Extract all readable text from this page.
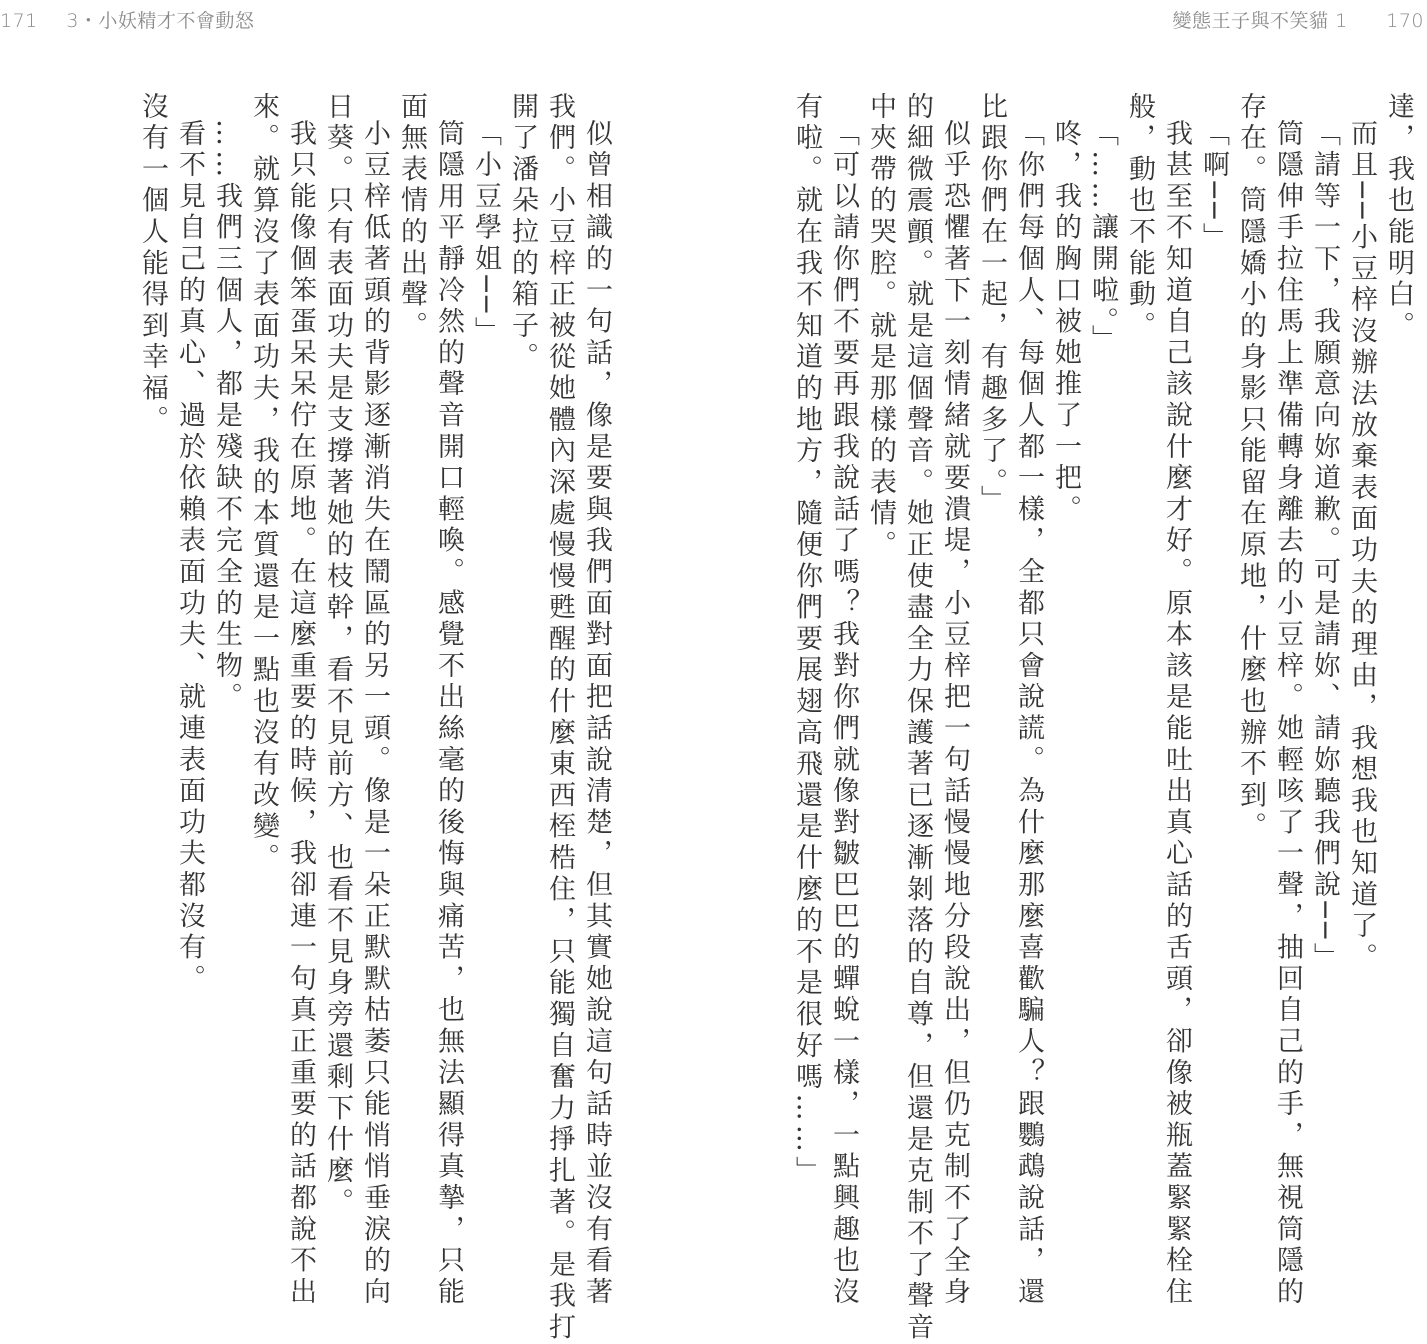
171 3・小妖精才不會動怒

似曾相識的一句話，像是要與我們面對面把話說清楚，但其實她說這句話時並沒有看著

我們。小豆梓正被從她體內深處慢慢甦醒的什麼東西桎梏住，只能獨自奮力掙扎著。是我打

開了潘朵拉的箱子。

「小豆學姐──」

筒隱用平靜冷然的聲音開口輕喚。感覺不出絲毫的後悔與痛苦，也無法顯得真摯，只能

面無表情的出聲。

小豆梓低著頭的背影逐漸消失在鬧區的另一頭。像是一朵正默默枯萎只能悄悄垂淚的向

日葵。只有表面功夫是支撐著她的枝幹，看不見前方、也看不見身旁還剩下什麼。

我只能像個笨蛋呆呆佇在原地。在這麼重要的時候，我卻連一句真正重要的話都說不出

來。就算沒了表面功夫，我的本質還是一點也沒有改變。

……我們三個人，都是殘缺不完全的生物。

看不見自己的真心、過於依賴表面功夫、就連表面功夫都沒有。

沒有一個人能得到幸福。

變態王子與不笑貓 1 170

達，我也能明白。

而且──小豆梓沒辦法放棄表面功夫的理由，我想我也知道了。

「請等一下，我願意向妳道歉。可是請妳、請妳聽我們說──」

筒隱伸手拉住馬上準備轉身離去的小豆梓。她輕咳了一聲，抽回自己的手，無視筒隱的

存在。筒隱嬌小的身影只能留在原地，什麼也辦不到。

「啊──」

我甚至不知道自己該說什麼才好。原本該是能吐出真心話的舌頭，卻像被瓶蓋緊緊栓住

般，動也不能動。

「……讓開啦。」

咚，我的胸口被她推了一把。

「你們每個人、每個人都一樣，全都只會說謊。為什麼那麼喜歡騙人？跟鸚鵡說話，還

比跟你們在一起，有趣多了。」

似乎恐懼著下一刻情緒就要潰堤，小豆梓把一句話慢慢地分段說出，但仍克制不了全身

的細微震顫。就是這個聲音。她正使盡全力保護著已逐漸剝落的自尊，但還是克制不了聲音

中夾帶的哭腔。就是那樣的表情。

「可以請你們不要再跟我說話了嗎？我對你們就像對皺巴巴的蟬蛻一樣，一點興趣也沒

有啦。就在我不知道的地方，隨便你們要展翅高飛還是什麼的不是很好嗎……」
